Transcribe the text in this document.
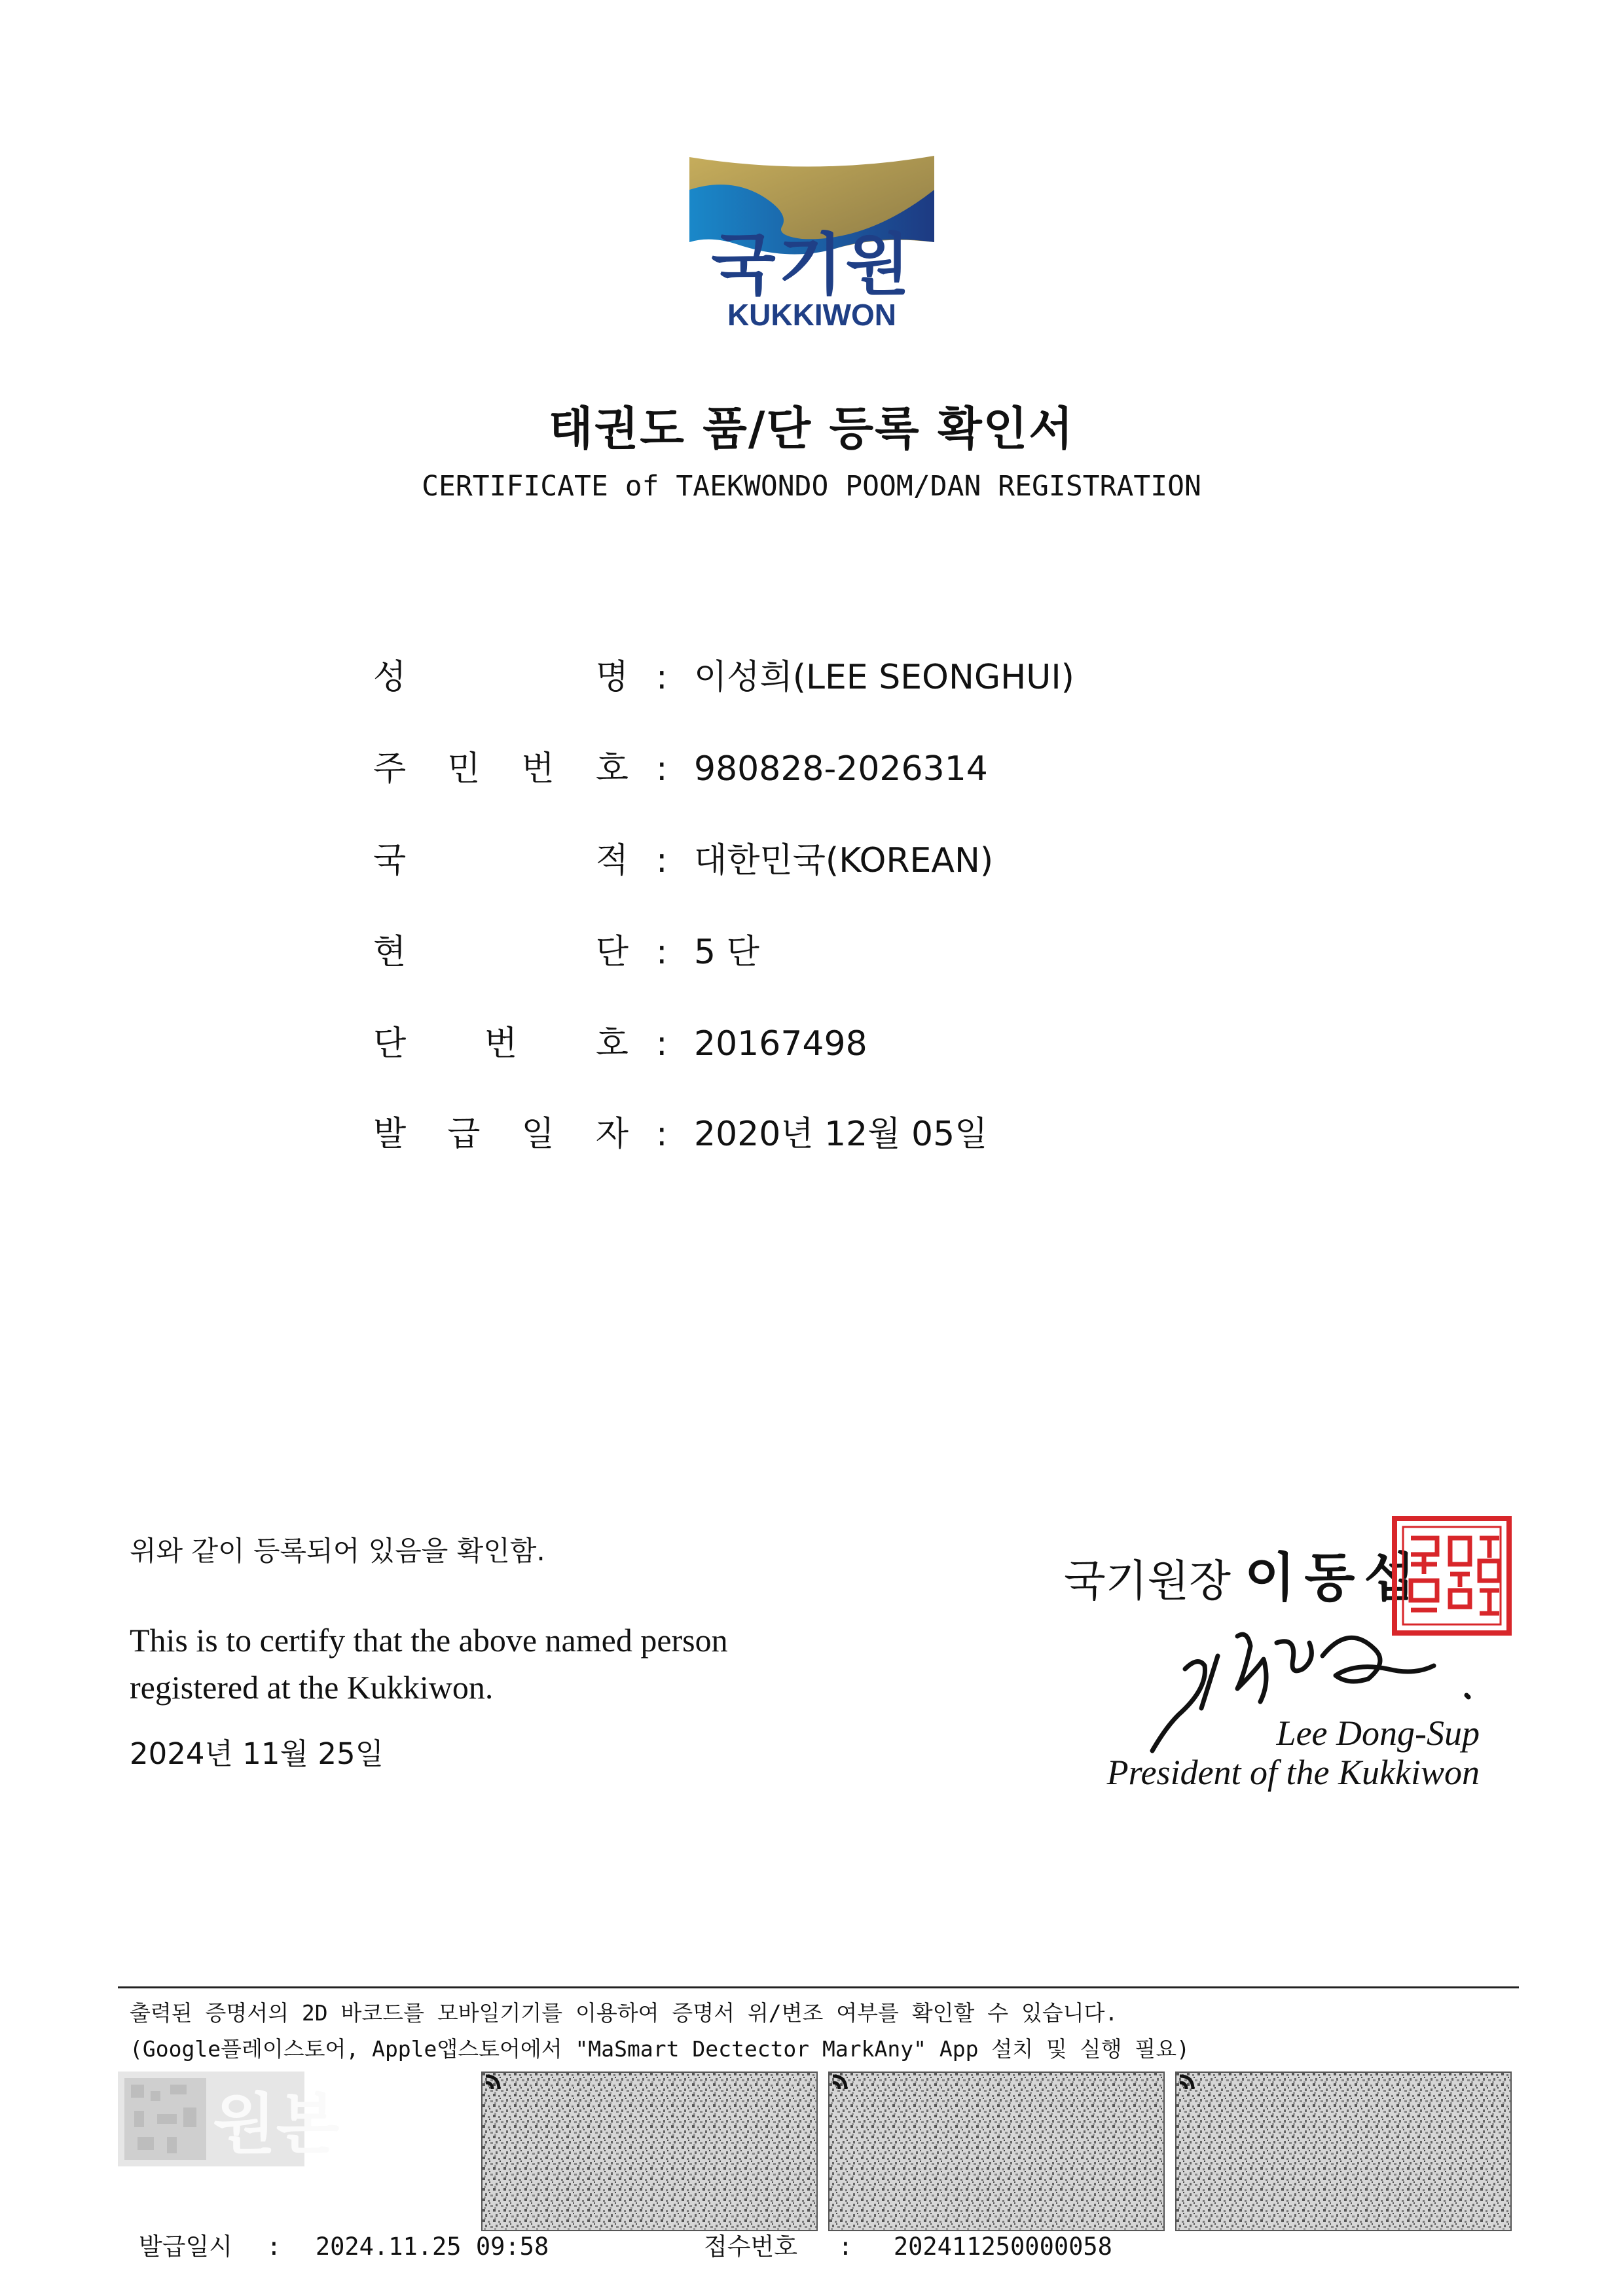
국기원
KUKKIWON
태권도 품/단 등록 확인서
CERTIFICATE of TAEKWONDO POOM/DAN REGISTRATION
성	명 : 이성희(LEE SEONGHUI)
주 민 번 호 : 980828-2026314
국	적 : 대한민국(KOREAN)
현	단 : 5 단
단 번 호 : 20167498
발 급 일 자 : 2020년 12월 05일
위와 같이 등록되어 있음을 확인함.
This is to certify that the above named person
registered at the Kukkiwon.
2024년 11월 25일
국기원장 이동섭
Lee Dong-Sup
President of the Kukkiwon
출력된 증명서의 2D 바코드를 모바일기기를 이용하여 증명서 위/변조 여부를 확인할 수 있습니다.
(Google플레이스토어, Apple앱스토어에서 "MaSmart Dectector MarkAny" App 설치 및 실행 필요)
원본
발급일시 : 2024.11.25 09:58	접수번호 : 202411250000058
